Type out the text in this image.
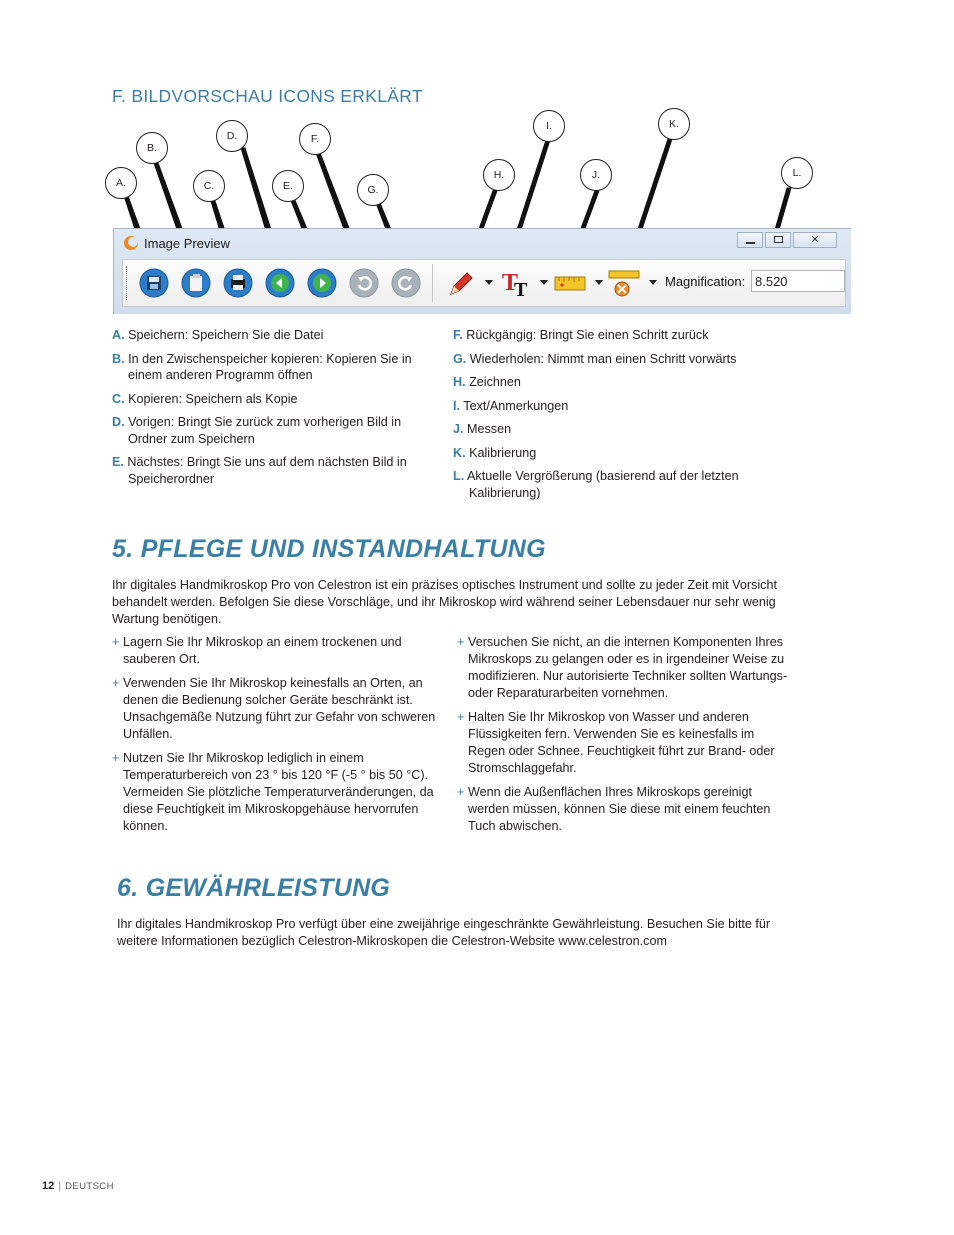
F. BILDVORSCHAU ICONS ERKLÄRT
A.
B.
C.
D.
E.
F.
G.
H.
I.
J.
K.
L.
Image Preview	✕
T
T	Magnification: 8.520
A. Speichern: Speichern Sie die Datei
B. In den Zwischenspeicher kopieren: Kopieren Sie in einem anderen Programm öffnen
C. Kopieren: Speichern als Kopie
D. Vorigen: Bringt Sie zurück zum vorherigen Bild in Ordner zum Speichern
E. Nächstes: Bringt Sie uns auf dem nächsten Bild in Speicherordner
F. Rückgängig: Bringt Sie einen Schritt zurück
G. Wiederholen: Nimmt man einen Schritt vorwärts
H. Zeichnen
I. Text/Anmerkungen
J. Messen
K. Kalibrierung
L. Aktuelle Vergrößerung (basierend auf der letzten Kalibrierung)
5. PFLEGE UND INSTANDHALTUNG
Ihr digitales Handmikroskop Pro von Celestron ist ein präzises optisches Instrument und sollte zu jeder Zeit mit Vorsicht behandelt werden. Befolgen Sie diese Vorschläge, und ihr Mikroskop wird während seiner Lebensdauer nur sehr wenig Wartung benötigen.
+ Lagern Sie Ihr Mikroskop an einem trockenen und sauberen Ort.
+ Verwenden Sie Ihr Mikroskop keinesfalls an Orten, an denen die Bedienung solcher Geräte beschränkt ist. Unsachgemäße Nutzung führt zur Gefahr von schweren Unfällen.
+ Nutzen Sie Ihr Mikroskop lediglich in einem Temperaturbereich von 23 ° bis 120 °F (-5 ° bis 50 °C). Vermeiden Sie plötzliche Temperaturveränderungen, da diese Feuchtigkeit im Mikroskopgehäuse hervorrufen können.
+ Versuchen Sie nicht, an die internen Komponenten Ihres Mikroskops zu gelangen oder es in irgendeiner Weise zu modifizieren. Nur autorisierte Techniker sollten Wartungs- oder Reparaturarbeiten vornehmen.
+ Halten Sie Ihr Mikroskop von Wasser und anderen Flüssigkeiten fern. Verwenden Sie es keinesfalls im Regen oder Schnee. Feuchtigkeit führt zur Brand- oder Stromschlaggefahr.
+ Wenn die Außenflächen Ihres Mikroskops gereinigt werden müssen, können Sie diese mit einem feuchten Tuch abwischen.
6. GEWÄHRLEISTUNG
Ihr digitales Handmikroskop Pro verfügt über eine zweijährige eingeschränkte Gewährleistung. Besuchen Sie bitte für weitere Informationen bezüglich Celestron-Mikroskopen die Celestron-Website www.celestron.com
12 | DEUTSCH
